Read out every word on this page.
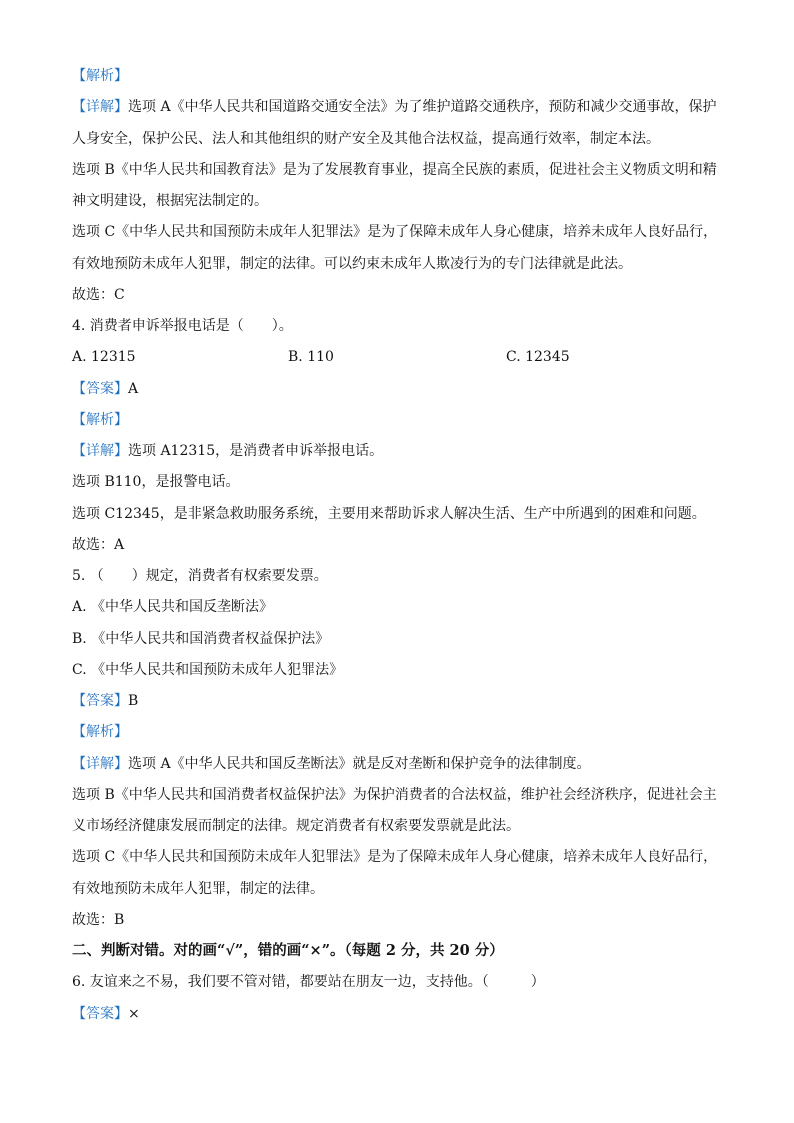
【解析】
【详解】选项 A《中华人民共和国道路交通安全法》为了维护道路交通秩序，预防和减少交通事故，保护
人身安全，保护公民、法人和其他组织的财产安全及其他合法权益，提高通行效率，制定本法。
选项 B《中华人民共和国教育法》是为了发展教育事业，提高全民族的素质，促进社会主义物质文明和精
神文明建设，根据宪法制定的。
选项 C《中华人民共和国预防未成年人犯罪法》是为了保障未成年人身心健康，培养未成年人良好品行，
有效地预防未成年人犯罪，制定的法律。可以约束未成年人欺凌行为的专门法律就是此法。
故选：C
4. 消费者申诉举报电话是（　　）。
A. 12315	B. 110	C. 12345
【答案】A
【解析】
【详解】选项 A12315，是消费者申诉举报电话。
选项 B110，是报警电话。
选项 C12345，是非紧急救助服务系统，主要用来帮助诉求人解决生活、生产中所遇到的困难和问题。
故选：A
5. （　　）规定，消费者有权索要发票。
A. 《中华人民共和国反垄断法》
B. 《中华人民共和国消费者权益保护法》
C. 《中华人民共和国预防未成年人犯罪法》
【答案】B
【解析】
【详解】选项 A《中华人民共和国反垄断法》就是反对垄断和保护竞争的法律制度。
选项 B《中华人民共和国消费者权益保护法》为保护消费者的合法权益，维护社会经济秩序，促进社会主
义市场经济健康发展而制定的法律。规定消费者有权索要发票就是此法。
选项 C《中华人民共和国预防未成年人犯罪法》是为了保障未成年人身心健康，培养未成年人良好品行，
有效地预防未成年人犯罪，制定的法律。
故选：B
二、判断对错。对的画“√”，错的画“×”。（每题 2 分，共 20 分）
6. 友谊来之不易，我们要不管对错，都要站在朋友一边，支持他。（　　　）
【答案】×
